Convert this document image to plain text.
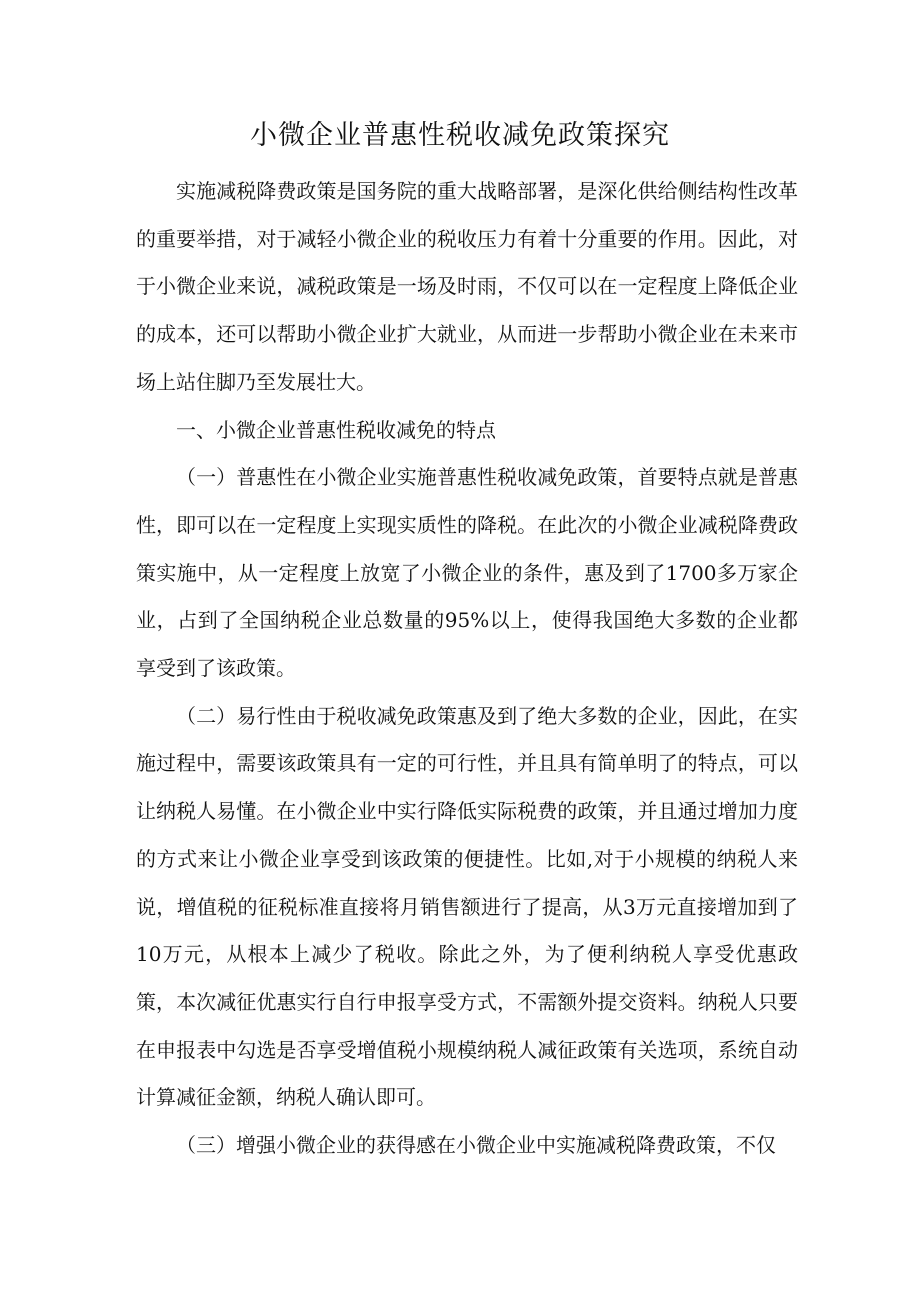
小微企业普惠性税收减免政策探究

实施减税降费政策是国务院的重大战略部署，是深化供给侧结构性改革的重要举措，对于减轻小微企业的税收压力有着十分重要的作用。因此，对于小微企业来说，减税政策是一场及时雨，不仅可以在一定程度上降低企业的成本，还可以帮助小微企业扩大就业，从而进一步帮助小微企业在未来市场上站住脚乃至发展壮大。

一、小微企业普惠性税收减免的特点

（一）普惠性在小微企业实施普惠性税收减免政策，首要特点就是普惠性，即可以在一定程度上实现实质性的降税。在此次的小微企业减税降费政策实施中，从一定程度上放宽了小微企业的条件，惠及到了1700多万家企业，占到了全国纳税企业总数量的95%以上，使得我国绝大多数的企业都享受到了该政策。

（二）易行性由于税收减免政策惠及到了绝大多数的企业，因此，在实施过程中，需要该政策具有一定的可行性，并且具有简单明了的特点，可以让纳税人易懂。在小微企业中实行降低实际税费的政策，并且通过增加力度的方式来让小微企业享受到该政策的便捷性。比如,对于小规模的纳税人来说，增值税的征税标准直接将月销售额进行了提高，从3万元直接增加到了10万元，从根本上减少了税收。除此之外，为了便利纳税人享受优惠政策，本次减征优惠实行自行申报享受方式，不需额外提交资料。纳税人只要在申报表中勾选是否享受增值税小规模纳税人减征政策有关选项，系统自动计算减征金额，纳税人确认即可。

（三）增强小微企业的获得感在小微企业中实施减税降费政策，不仅
